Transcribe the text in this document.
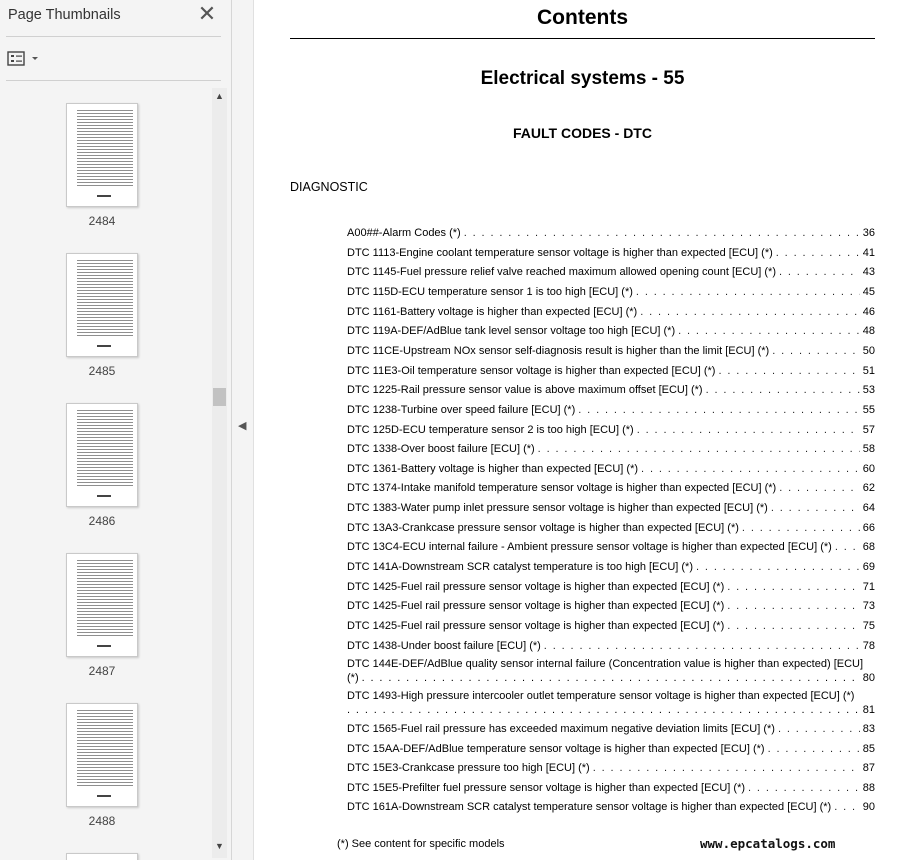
Page Thumbnails	✕
2484
2485
2486
2487
2488
▲
▼
◀
Contents
Electrical systems - 55
FAULT CODES - DTC
DIAGNOSTIC
A00##-Alarm Codes (*) . . .	36
DTC 1113-Engine coolant temperature sensor voltage is higher than expected [ECU] (*) . . .	41
DTC 1145-Fuel pressure relief valve reached maximum allowed opening count [ECU] (*) . . .	43
DTC 115D-ECU temperature sensor 1 is too high [ECU] (*) . . .	45
DTC 1161-Battery voltage is higher than expected [ECU] (*) . . .	46
DTC 119A-DEF/AdBlue tank level sensor voltage too high [ECU] (*) . . .	48
DTC 11CE-Upstream NOx sensor self-diagnosis result is higher than the limit [ECU] (*) . . .	50
DTC 11E3-Oil temperature sensor voltage is higher than expected [ECU] (*) . . .	51
DTC 1225-Rail pressure sensor value is above maximum offset [ECU] (*) . . .	53
DTC 1238-Turbine over speed failure [ECU] (*) . . .	55
DTC 125D-ECU temperature sensor 2 is too high [ECU] (*) . . .	57
DTC 1338-Over boost failure [ECU] (*) . . .	58
DTC 1361-Battery voltage is higher than expected [ECU] (*) . . .	60
DTC 1374-Intake manifold temperature sensor voltage is higher than expected [ECU] (*) . . .	62
DTC 1383-Water pump inlet pressure sensor voltage is higher than expected [ECU] (*) . . .	64
DTC 13A3-Crankcase pressure sensor voltage is higher than expected [ECU] (*) . . .	66
DTC 13C4-ECU internal failure - Ambient pressure sensor voltage is higher than expected [ECU] (*) . . .	68
DTC 141A-Downstream SCR catalyst temperature is too high [ECU] (*) . . .	69
DTC 1425-Fuel rail pressure sensor voltage is higher than expected [ECU] (*) . . .	71
DTC 1425-Fuel rail pressure sensor voltage is higher than expected [ECU] (*) . . .	73
DTC 1425-Fuel rail pressure sensor voltage is higher than expected [ECU] (*) . . .	75
DTC 1438-Under boost failure [ECU] (*) . . .	78
DTC 144E-DEF/AdBlue quality sensor internal failure (Concentration value is higher than expected) [ECU]
(*) . . .	80
DTC 1493-High pressure intercooler outlet temperature sensor voltage is higher than expected [ECU] (*)
. . .
81
DTC 1565-Fuel rail pressure has exceeded maximum negative deviation limits [ECU] (*) . . .	83
DTC 15AA-DEF/AdBlue temperature sensor voltage is higher than expected [ECU] (*) . . .	85
DTC 15E3-Crankcase pressure too high [ECU] (*) . . .	87
DTC 15E5-Prefilter fuel pressure sensor voltage is higher than expected [ECU] (*) . . .	88
DTC 161A-Downstream SCR catalyst temperature sensor voltage is higher than expected [ECU] (*) . . .	90
(*) See content for specific models	www.epcatalogs.com
